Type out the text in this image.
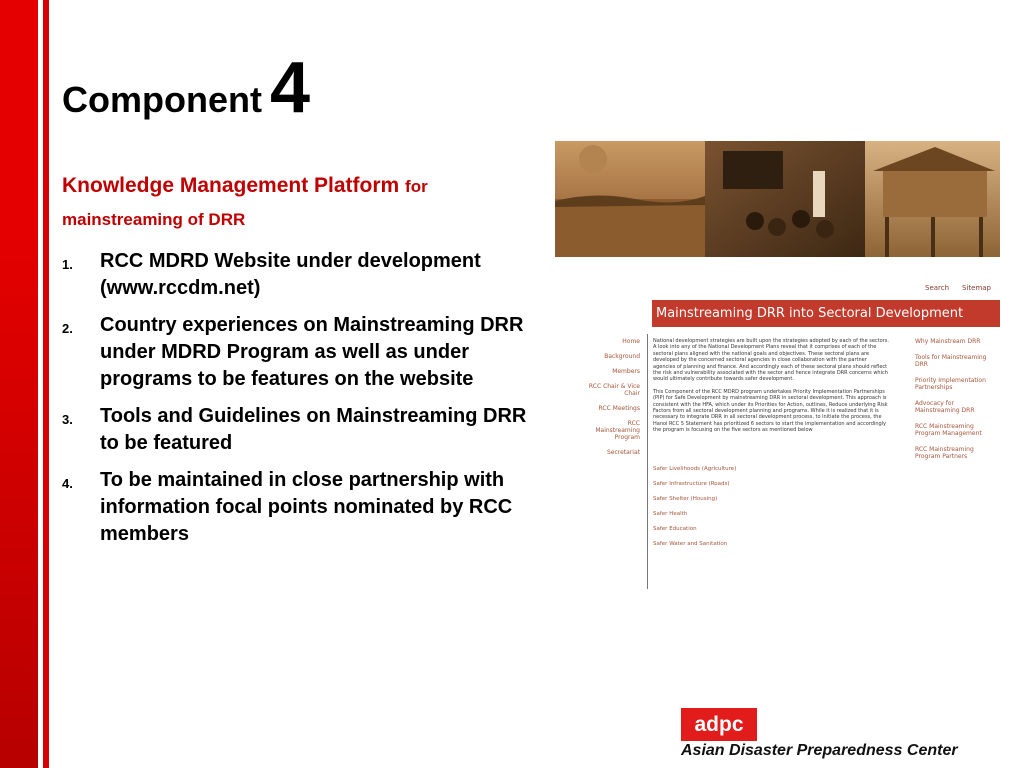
Component 4
Knowledge Management Platform for
mainstreaming of DRR
1.	RCC MDRD Website under development (www.rccdm.net)
2.	Country experiences on Mainstreaming DRR under MDRD Program as well as under programs to be features on the website
3.	Tools and Guidelines on Mainstreaming DRR to be featured
4.	To be maintained in close partnership with information focal points nominated by RCC members
Search Sitemap
Mainstreaming DRR into Sectoral Development
Home
Background
Members
RCC Chair & Vice Chair
RCC Meetings
RCC Mainstreaming Program
Secretariat

National development strategies are built upon the strategies adopted by each of the sectors. A look into any of the National Development Plans reveal that it comprises of each of the sectoral plans aligned with the national goals and objectives. These sectoral plans are developed by the concerned sectoral agencies in close collaboration with the partner agencies of planning and finance. And accordingly each of these sectoral plans should reflect the risk and vulnerability associated with the sector and hence integrate DRR concerns which would ultimately contribute towards safer development.

This Component of the RCC MDRD program undertakes Priority Implementation Partnerships (PIP) for Safe Development by mainstreaming DRR in sectoral development. This approach is consistent with the HFA, which under its Priorities for Action, outlines, Reduce underlying Risk Factors from all sectoral development planning and programs. While it is realized that it is necessary to integrate DRR in all sectoral development process, to initiate the process, the Hanoi RCC 5 Statement has prioritized 6 sectors to start the implementation and accordingly the program is focusing on the five sectors as mentioned below

Safer Livelihoods (Agriculture)
Safer Infrastructure (Roads)
Safer Shelter (Housing)
Safer Health
Safer Education
Safer Water and Sanitation
Why Mainstream DRR
Tools for Mainstreaming DRR
Priority Implementation Partnerships
Advocacy for Mainstreaming DRR
RCC Mainstreaming Program Management
RCC Mainstreaming Program Partners
adpc
Asian Disaster Preparedness Center
